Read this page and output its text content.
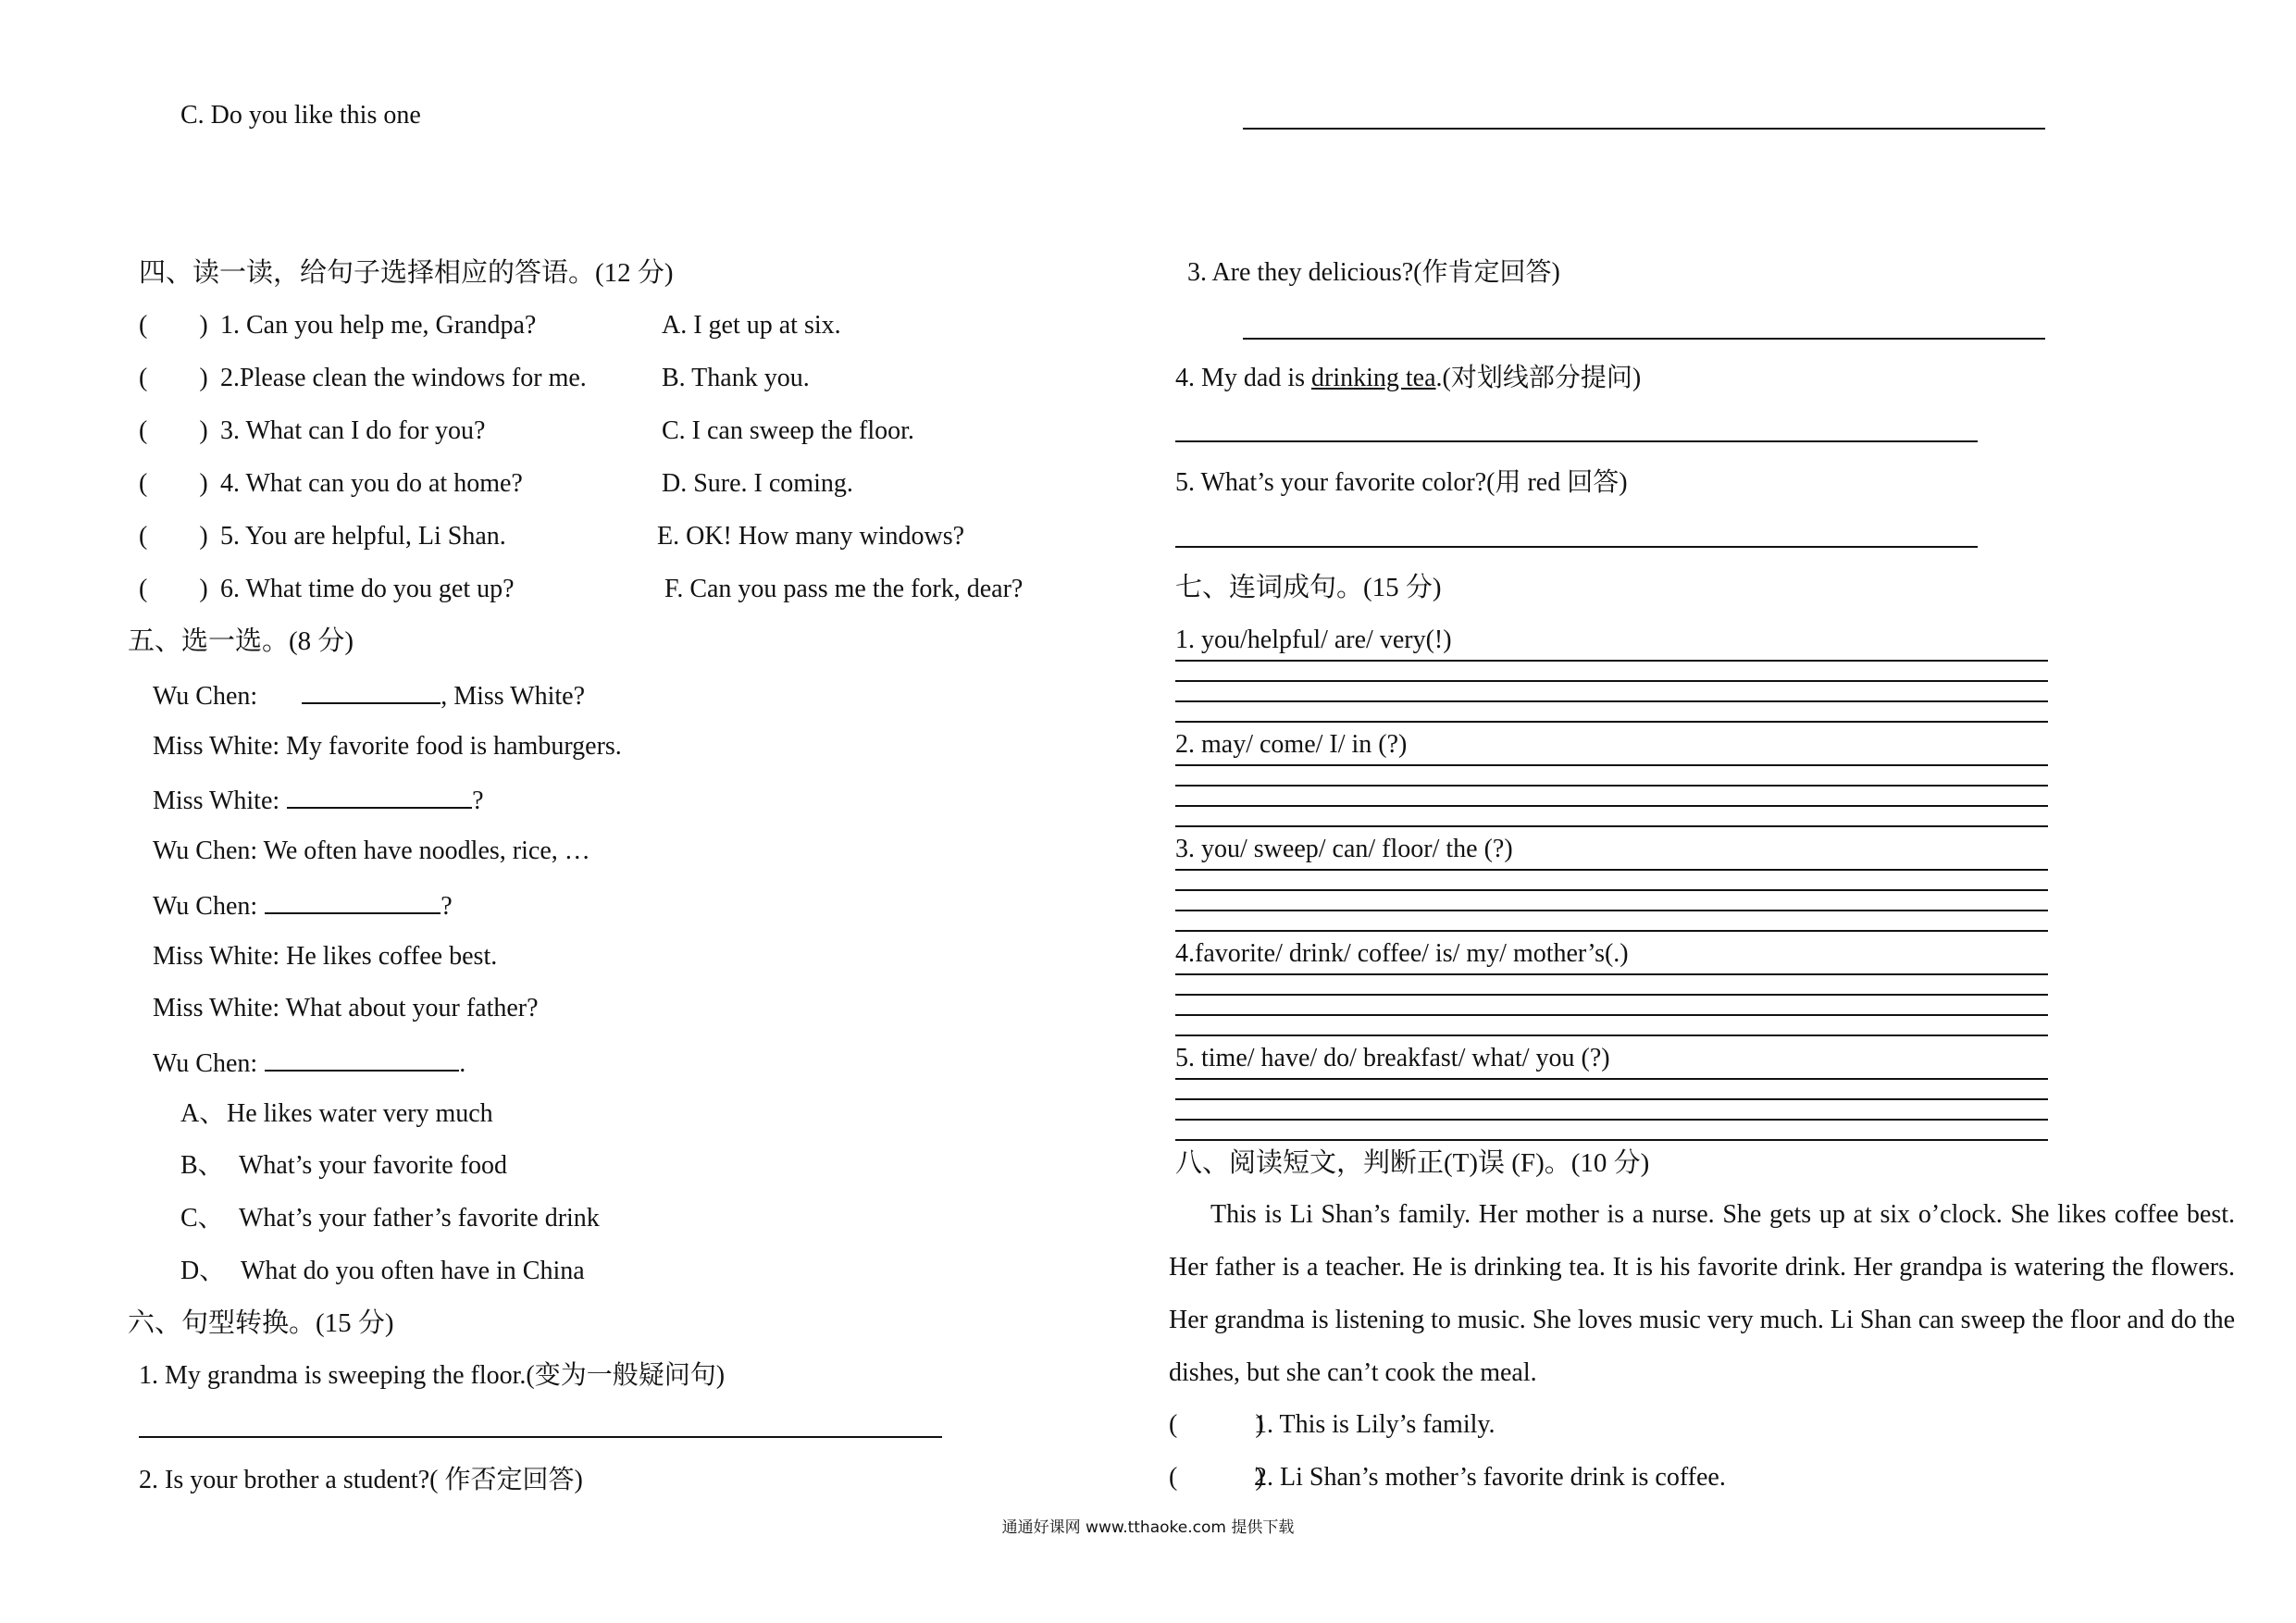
C. Do you like this one
四、读一读，给句子选择相应的答语。(12 分)
(　　) 1. Can you help me, Grandpa?	A. I get up at six.
(　　) 2.Please clean the windows for me.	B. Thank you.
(　　) 3. What can I do for you?	C. I can sweep the floor.
(　　) 4. What can you do at home?	D. Sure. I coming.
(　　) 5. You are helpful, Li Shan.	E. OK! How many windows?
(　　) 6. What time do you get up?	F. Can you pass me the fork, dear?
五、选一选。(8 分)
Wu Chen:	, Miss White?
Miss White: My favorite food is hamburgers.
Miss White:	?
Wu Chen: We often have noodles, rice, …
Wu Chen:	?
Miss White: He likes coffee best.
Miss White: What about your father?
Wu Chen:	.
A、 He likes water very much
B、 What’s your favorite food
C、 What’s your father’s favorite drink
D、 What do you often have in China
六、句型转换。(15 分)
1. My grandma is sweeping the floor.(变为一般疑问句)
2. Is your brother a student?( 作否定回答)
3. Are they delicious?(作肯定回答)
4. My dad is drinking tea.(对划线部分提问)
5. What’s your favorite color?(用 red 回答)
七、连词成句。(15 分)
1. you/helpful/ are/ very(!)
2. may/ come/ I/ in (?)
3. you/ sweep/ can/ floor/ the (?)
4.favorite/ drink/ coffee/ is/ my/ mother’s(.)
5. time/ have/ do/ breakfast/ what/ you (?)
八、阅读短文，判断正(T)误 (F)。(10 分)
This is Li Shan’s family. Her mother is a nurse. She gets up at six o’clock. She likes coffee best. Her father is a teacher. He is drinking tea. It is his favorite drink. Her grandpa is watering the flowers. Her grandma is listening to music. She loves music very much. Li Shan can sweep the floor and do the dishes, but she can’t cook the meal.
(　　　)
1. This is Lily’s family.
(　　　)
2. Li Shan’s mother’s favorite drink is coffee.
通通好课网 www.tthaoke.com 提供下载
